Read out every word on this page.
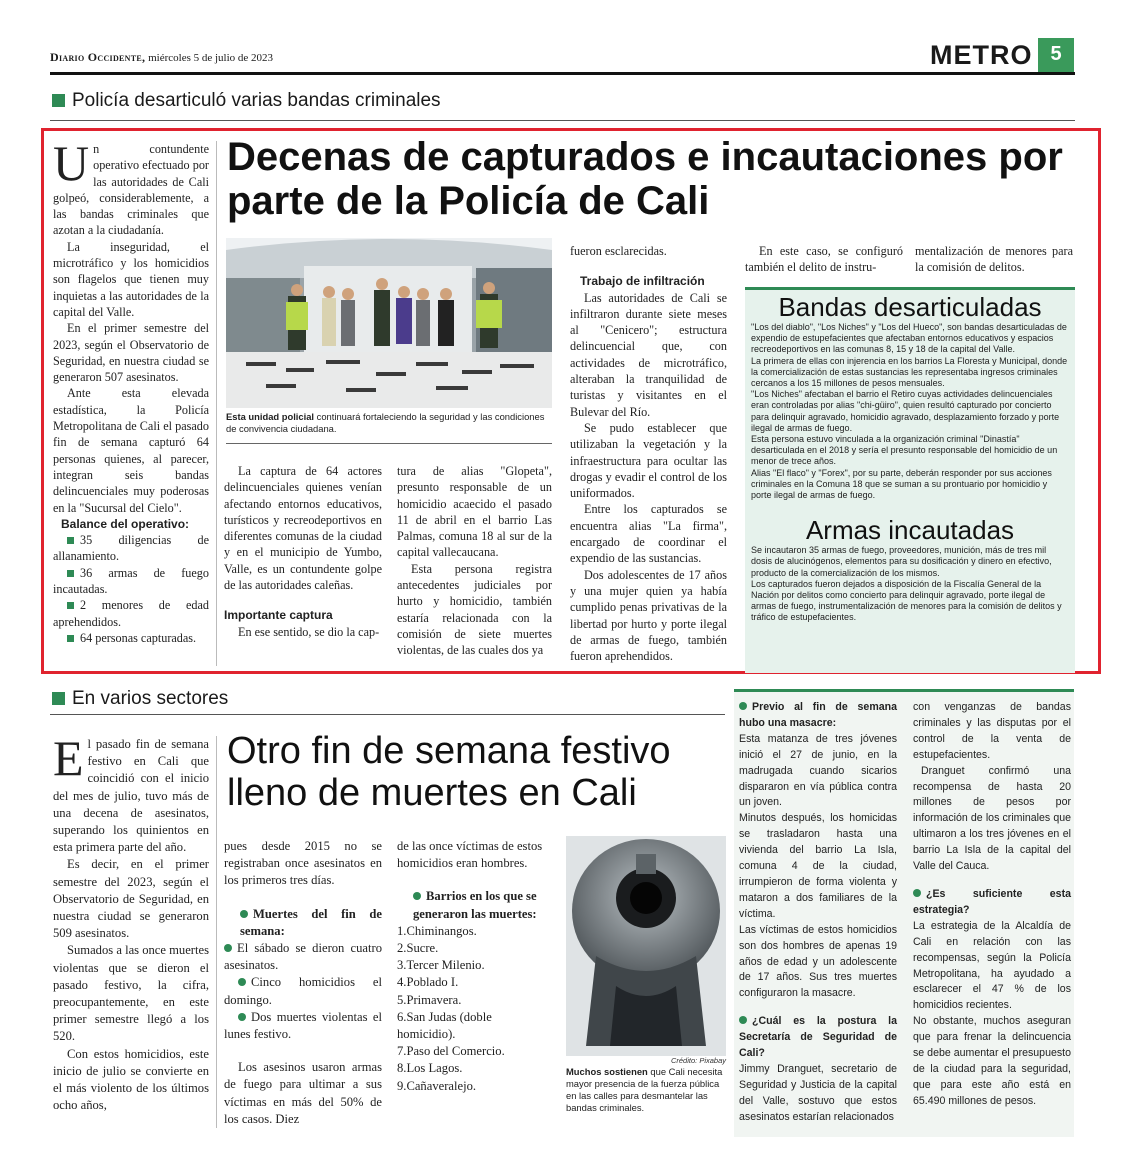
Diario Occidente, miércoles 5 de julio de 2023	METRO 5
Policía desarticuló varias bandas criminales

Un contundente operativo efectuado por las autoridades de Cali golpeó, considerablemente, a las bandas criminales que azotan a la ciudadanía.

La inseguridad, el microtráfico y los homicidios son flagelos que tienen muy inquietas a las autoridades de la capital del Valle.

En el primer semestre del 2023, según el Observatorio de Seguridad, en nuestra ciudad se generaron 507 asesinatos.

Ante esta elevada estadística, la Policía Metropolitana de Cali el pasado fin de semana capturó 64 personas quienes, al parecer, integran seis bandas delincuenciales muy poderosas en la "Sucursal del Cielo".

Balance del operativo:

35 diligencias de allanamiento.

36 armas de fuego incautadas.

2 menores de edad aprehendidos.

64 personas capturadas.

Decenas de capturados e incautaciones por parte de la Policía de Cali
Esta unidad policial continuará fortaleciendo la seguridad y las condiciones de convivencia ciudadana.

La captura de 64 actores delincuenciales quienes venían afectando entornos educativos, turísticos y recreodeportivos en diferentes comunas de la ciudad y en el municipio de Yumbo, Valle, es un contundente golpe de las autoridades caleñas.

Importante captura

En ese sentido, se dio la cap-

tura de alias "Glopeta", presunto responsable de un homicidio acaecido el pasado 11 de abril en el barrio Las Palmas, comuna 18 al sur de la capital vallecaucana.

Esta persona registra antecedentes judiciales por hurto y homicidio, también estaría relacionada con la comisión de siete muertes violentas, de las cuales dos ya

fueron esclarecidas.

Trabajo de infiltración

Las autoridades de Cali se infiltraron durante siete meses al "Cenicero"; estructura delincuencial que, con actividades de microtráfico, alteraban la tranquilidad de turistas y visitantes en el Bulevar del Río.

Se pudo establecer que utilizaban la vegetación y la infraestructura para ocultar las drogas y evadir el control de los uniformados.

Entre los capturados se encuentra alias "La firma", encargado de coordinar el expendio de las sustancias.

Dos adolescentes de 17 años y una mujer quien ya había cumplido penas privativas de la libertad por hurto y porte ilegal de armas de fuego, también fueron aprehendidos.

En este caso, se configuró también el delito de instru-

mentalización de menores para la comisión de delitos.

Bandas desarticuladas
"Los del diablo", "Los Niches" y "Los del Hueco", son bandas desarticuladas de expendio de estupefacientes que afectaban entornos educativos y espacios recreodeportivos en las comunas 8, 15 y 18 de la capital del Valle.
La primera de ellas con injerencia en los barrios La Floresta y Municipal, donde la comercialización de estas sustancias les representaba ingresos criminales cercanos a los 15 millones de pesos mensuales.
"Los Niches" afectaban el barrio el Retiro cuyas actividades delincuenciales eran controladas por alias "chi-güiro", quien resultó capturado por concierto para delinquir agravado, homicidio agravado, desplazamiento forzado y porte ilegal de armas de fuego.
Esta persona estuvo vinculada a la organización criminal "Dinastía" desarticulada en el 2018 y sería el presunto responsable del homicidio de un menor de trece años.
Alias "El flaco" y "Forex", por su parte, deberán responder por sus acciones criminales en la Comuna 18 que se suman a su prontuario por homicidio y porte ilegal de armas de fuego.
Armas incautadas
Se incautaron 35 armas de fuego, proveedores, munición, más de tres mil dosis de alucinógenos, elementos para su dosificación y dinero en efectivo, producto de la comercialización de los mismos.
Los capturados fueron dejados a disposición de la Fiscalía General de la Nación por delitos como concierto para delinquir agravado, porte ilegal de armas de fuego, instrumentalización de menores para la comisión de delitos y tráfico de estupefacientes.
En varios sectores

El pasado fin de semana festivo en Cali que coincidió con el inicio del mes de julio, tuvo más de una decena de asesinatos, superando los quinientos en esta primera parte del año.

Es decir, en el primer semestre del 2023, según el Observatorio de Seguridad, en nuestra ciudad se generaron 509 asesinatos.

Sumados a las once muertes violentas que se dieron el pasado festivo, la cifra, preocupantemente, en este primer semestre llegó a los 520.

Con estos homicidios, este inicio de julio se convierte en el más violento de los últimos ocho años,

Otro fin de semana festivo lleno de muertes en Cali

pues desde 2015 no se registraban once asesinatos en los primeros tres días.

Muertes del fin de semana:

El sábado se dieron cuatro asesinatos.

Cinco homicidios el domingo.

Dos muertes violentas el lunes festivo.

Los asesinos usaron armas de fuego para ultimar a sus víctimas en más del 50% de los casos. Diez

de las once víctimas de estos homicidios eran hombres.

Barrios en los que se generaron las muertes:

1.Chiminangos.

2.Sucre.

3.Tercer Milenio.

4.Poblado I.

5.Primavera.

6.San Judas (doble homicidio).

7.Paso del Comercio.

8.Los Lagos.

9.Cañaveralejo.

Crédito: Pixabay
Muchos sostienen que Cali necesita mayor presencia de la fuerza pública en las calles para desmantelar las bandas criminales.

Previo al fin de semana hubo una masacre:

Esta matanza de tres jóvenes inició el 27 de junio, en la madrugada cuando sicarios dispararon en vía pública contra un joven.

Minutos después, los homicidas se trasladaron hasta una vivienda del barrio La Isla, comuna 4 de la ciudad, irrumpieron de forma violenta y mataron a dos familiares de la víctima.

Las víctimas de estos homicidios son dos hombres de apenas 19 años de edad y un adolescente de 17 años. Sus tres muertes configuraron la masacre.

¿Cuál es la postura la Secretaría de Seguridad de Cali?

Jimmy Dranguet, secretario de Seguridad y Justicia de la capital del Valle, sostuvo que estos asesinatos estarían relacionados

con venganzas de bandas criminales y las disputas por el control de la venta de estupefacientes.

Dranguet confirmó una recompensa de hasta 20 millones de pesos por información de los criminales que ultimaron a los tres jóvenes en el barrio La Isla de la capital del Valle del Cauca.

¿Es suficiente esta estrategia?

La estrategia de la Alcaldía de Cali en relación con las recompensas, según la Policía Metropolitana, ha ayudado a esclarecer el 47 % de los homicidios recientes.

No obstante, muchos aseguran que para frenar la delincuencia se debe aumentar el presupuesto de la ciudad para la seguridad, que para este año está en 65.490 millones de pesos.
